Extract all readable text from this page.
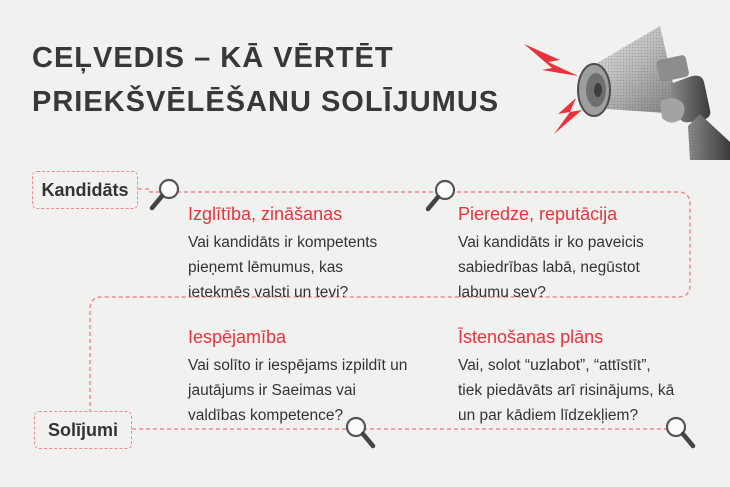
CEĻVEDIS – KĀ VĒRTĒT
PRIEKŠVĒLĒŠANU SOLĪJUMUS
Kandidāts
Solījumi
Izglītība, zināšanas

Vai kandidāts ir kompetents pieņemt lēmumus, kas ietekmēs valsti un tevi?

Pieredze, reputācija

Vai kandidāts ir ko paveicis sabiedrības labā, negūstot labumu sev?

Iespējamība

Vai solīto ir iespējams izpildīt un jautājums ir Saeimas vai valdības kompetence?

Īstenošanas plāns

Vai, solot “uzlabot”, “attīstīt”, tiek piedāvāts arī risinājums, kā un par kādiem līdzekļiem?
